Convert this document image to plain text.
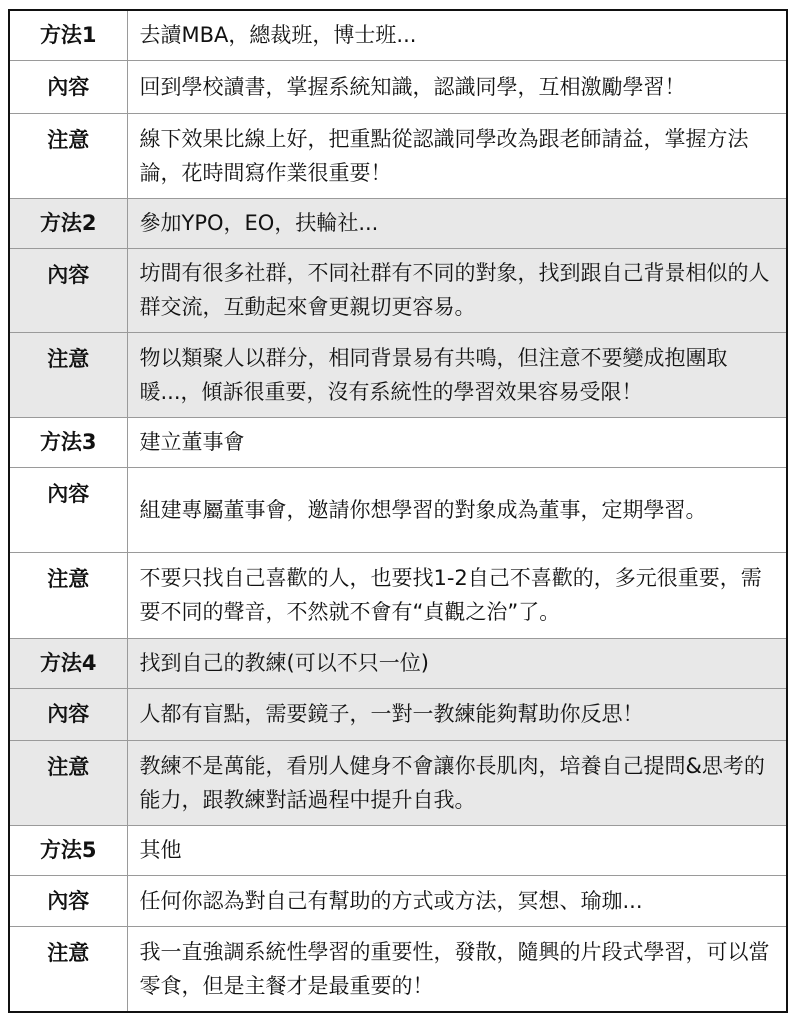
方法1	去讀MBA，總裁班，博士班...
內容	回到學校讀書，掌握系統知識，認識同學，互相激勵學習！
注意	線下效果比線上好，把重點從認識同學改為跟老師請益，掌握方法論，花時間寫作業很重要！
方法2	參加YPO，EO，扶輪社...
內容	坊間有很多社群，不同社群有不同的對象，找到跟自己背景相似的人群交流，互動起來會更親切更容易。
注意	物以類聚人以群分，相同背景易有共鳴，但注意不要變成抱團取暖...，傾訴很重要，沒有系統性的學習效果容易受限！
方法3	建立董事會
內容	組建專屬董事會，邀請你想學習的對象成為董事，定期學習。
注意	不要只找自己喜歡的人，也要找1-2自己不喜歡的，多元很重要，需要不同的聲音，不然就不會有“貞觀之治”了。
方法4	找到自己的教練(可以不只一位)
內容	人都有盲點，需要鏡子，一對一教練能夠幫助你反思！
注意	教練不是萬能，看別人健身不會讓你長肌肉，培養自己提問&思考的能力，跟教練對話過程中提升自我。
方法5	其他
內容	任何你認為對自己有幫助的方式或方法，冥想、瑜珈...
注意	我一直強調系統性學習的重要性，發散，隨興的片段式學習，可以當零食，但是主餐才是最重要的！
